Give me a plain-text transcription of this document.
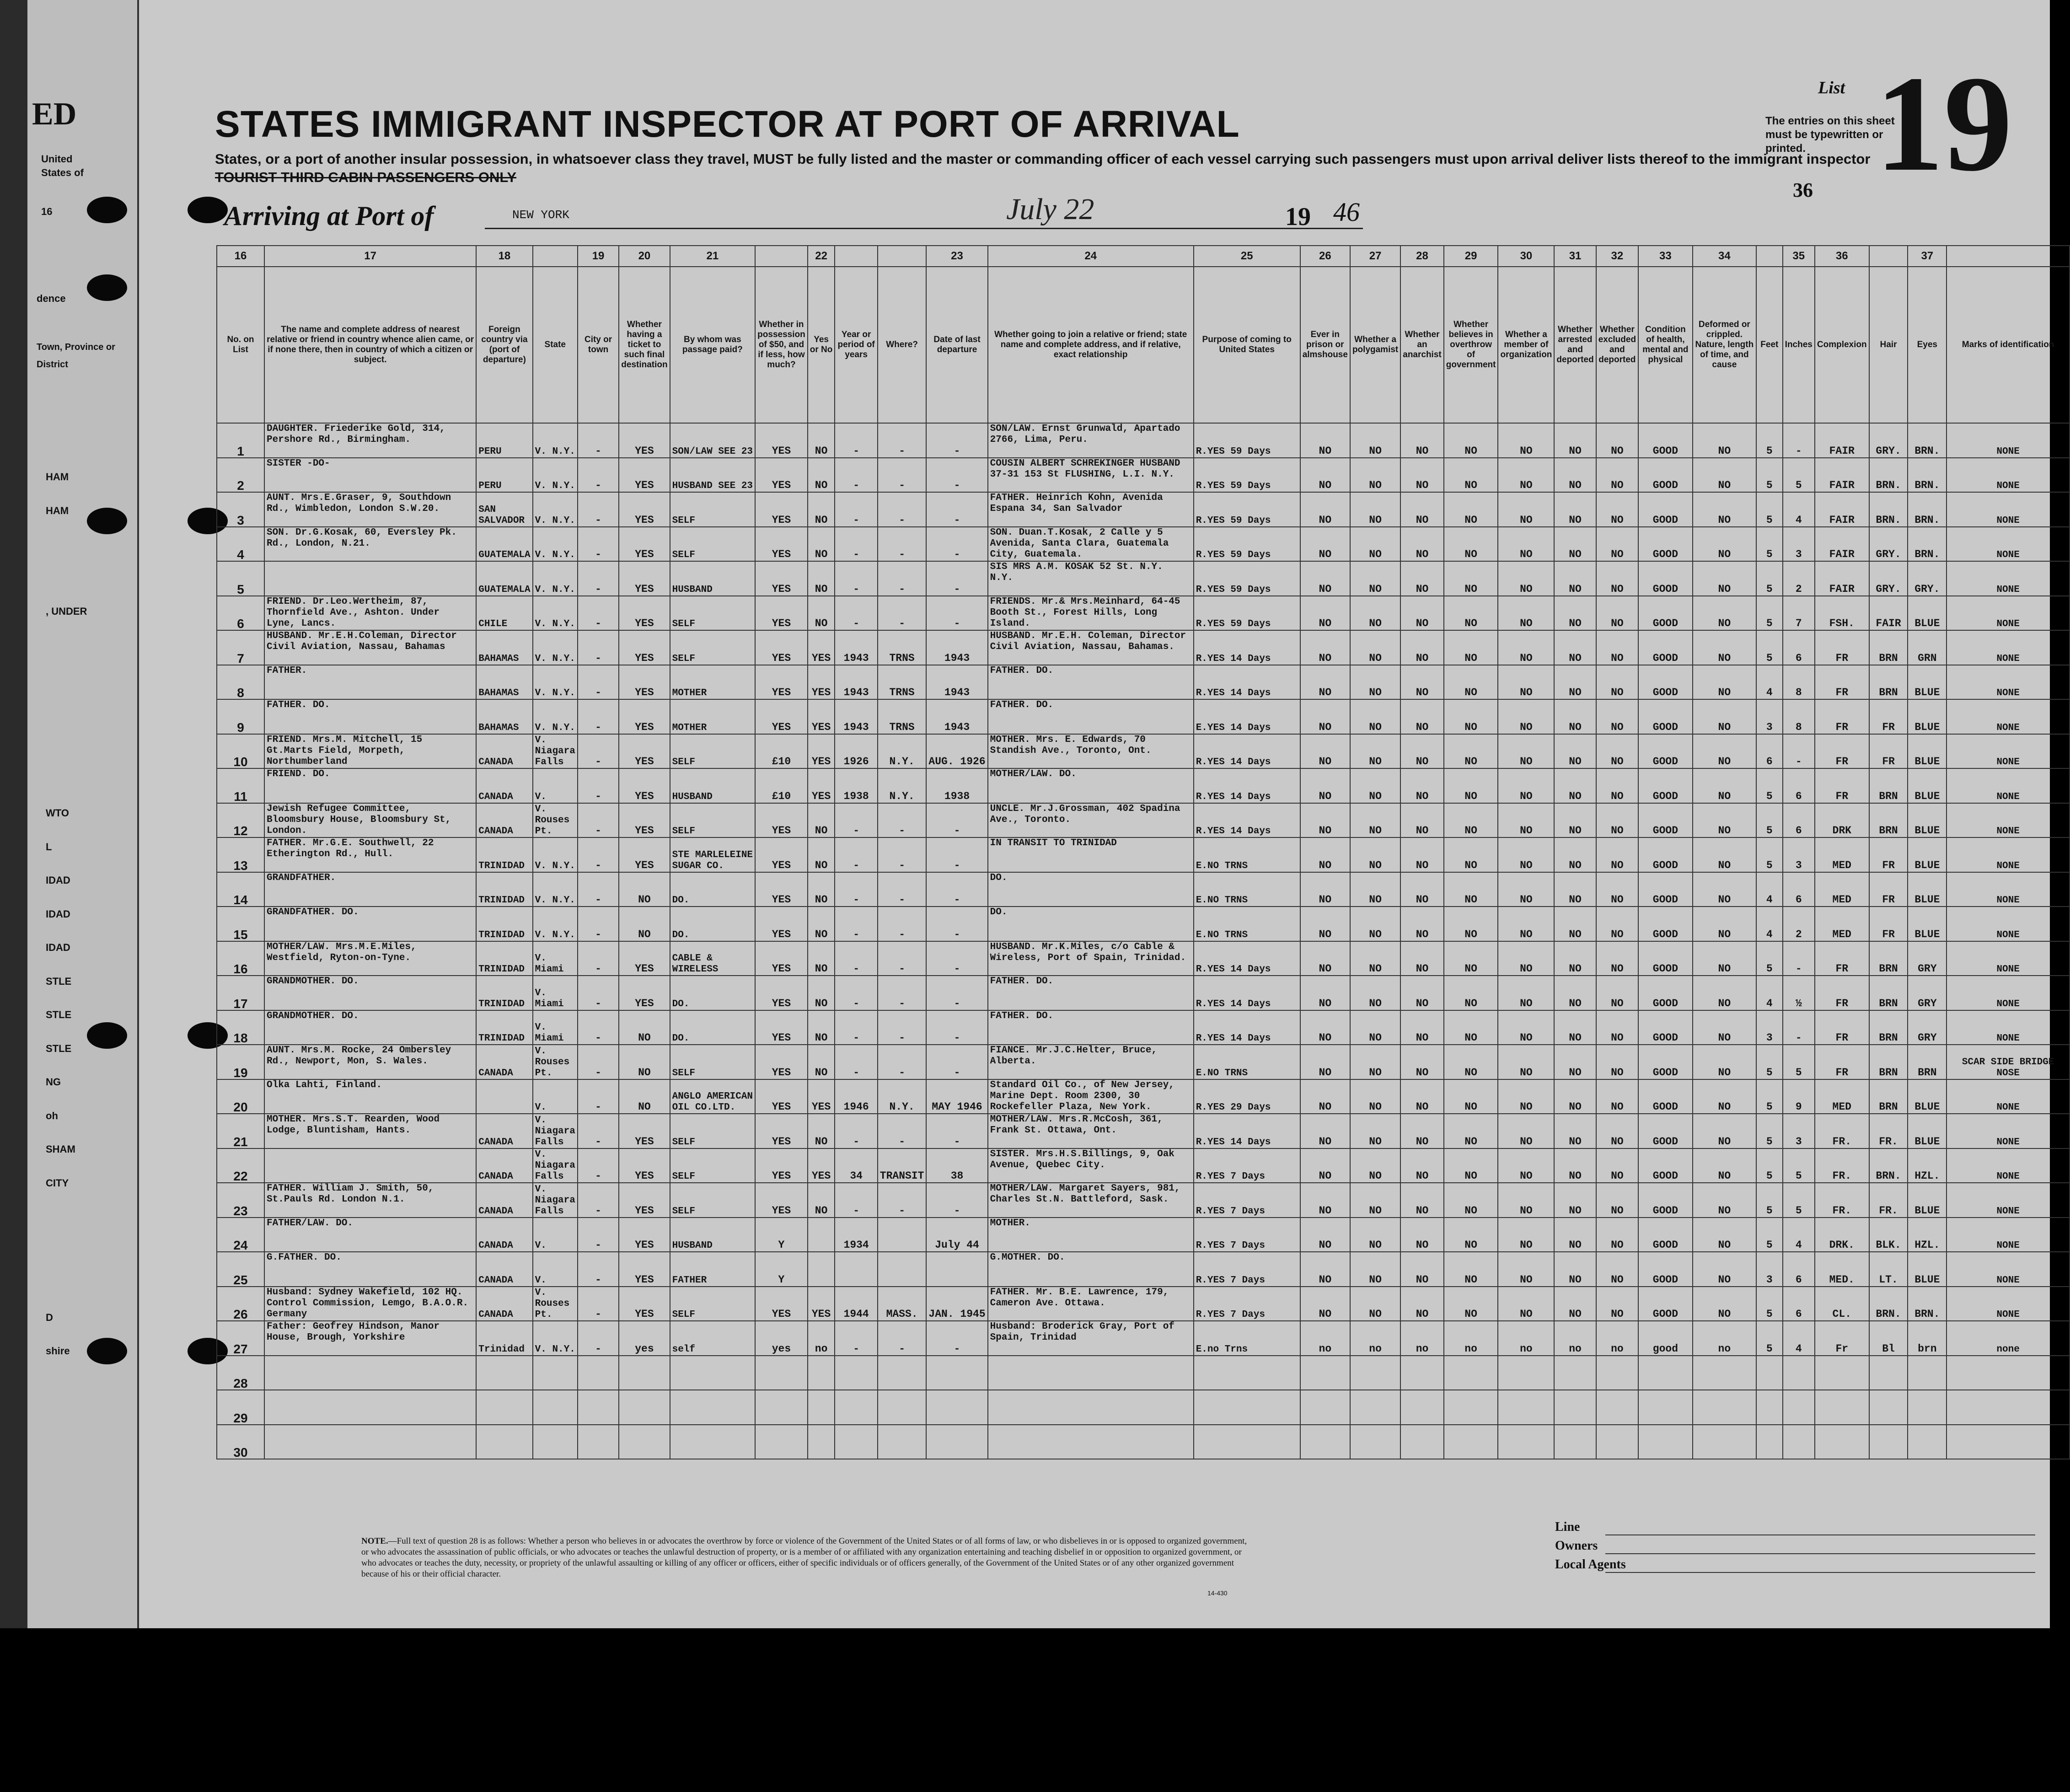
ED
United
States of
16
dence
Town, Province or District
HAM
HAM
, UNDER
WTO
L
IDAD
IDAD
IDAD
STLE
STLE
STLE
NG
oh
SHAM
CITY
D
shire
STATES IMMIGRANT INSPECTOR AT PORT OF ARRIVAL
States, or a port of another insular possession, in whatsoever class they travel, MUST be fully listed and the master or commanding officer of each vessel carrying such passengers must upon arrival deliver lists thereof to the immigrant inspector
TOURIST THIRD CABIN PASSENGERS ONLY
Arriving at Port of	NEW YORK	July 22	19 46
List 19
The entries on this sheet must be typewritten or printed.
36
16	17	18		19	20	21		22			23	24	25	26	27	28	29	30	31	32	33	34		35	36		37	
No. on List	The name and complete address of nearest relative or friend in country whence alien came, or if none there, then in country of which a citizen or subject.	Foreign country via (port of departure)	State	City or town	Whether having a ticket to such final destination	By whom was passage paid?	Whether in possession of $50, and if less, how much?	Yes or No	Year or period of years	Where?	Date of last departure	Whether going to join a relative or friend; state name and complete address, and if relative, exact relationship	Purpose of coming to United States	Ever in prison or almshouse	Whether a polygamist	Whether an anarchist	Whether believes in overthrow of government	Whether a member of organization	Whether arrested and deported	Whether excluded and deported	Condition of health, mental and physical	Deformed or crippled. Nature, length of time, and cause	Feet	Inches	Complexion	Hair	Eyes	Marks of identification
1	DAUGHTER. Friederike Gold, 314, Pershore Rd., Birmingham.	PERU	V. N.Y.	-	YES	SON/LAW SEE 23	YES	NO	-	-	-	SON/LAW. Ernst Grunwald, Apartado 2766, Lima, Peru.	R.YES 59 Days	NO	NO	NO	NO	NO	NO	NO	GOOD	NO	5	-	FAIR	GRY.	BRN.	NONE
2	SISTER -DO-	PERU	V. N.Y.	-	YES	HUSBAND SEE 23	YES	NO	-	-	-	COUSIN ALBERT SCHREKINGER HUSBAND 37-31 153 St FLUSHING, L.I. N.Y.	R.YES 59 Days	NO	NO	NO	NO	NO	NO	NO	GOOD	NO	5	5	FAIR	BRN.	BRN.	NONE
3	AUNT. Mrs.E.Graser, 9, Southdown Rd., Wimbledon, London S.W.20.	SAN SALVADOR	V. N.Y.	-	YES	SELF	YES	NO	-	-	-	FATHER. Heinrich Kohn, Avenida Espana 34, San Salvador	R.YES 59 Days	NO	NO	NO	NO	NO	NO	NO	GOOD	NO	5	4	FAIR	BRN.	BRN.	NONE
4	SON. Dr.G.Kosak, 60, Eversley Pk. Rd., London, N.21.	GUATEMALA	V. N.Y.	-	YES	SELF	YES	NO	-	-	-	SON. Duan.T.Kosak, 2 Calle y 5 Avenida, Santa Clara, Guatemala City, Guatemala.	R.YES 59 Days	NO	NO	NO	NO	NO	NO	NO	GOOD	NO	5	3	FAIR	GRY.	BRN.	NONE
5		GUATEMALA	V. N.Y.	-	YES	HUSBAND	YES	NO	-	-	-	SIS MRS A.M. KOSAK 52 St. N.Y. N.Y.	R.YES 59 Days	NO	NO	NO	NO	NO	NO	NO	GOOD	NO	5	2	FAIR	GRY.	GRY.	NONE
6	FRIEND. Dr.Leo.Wertheim, 87, Thornfield Ave., Ashton. Under Lyne, Lancs.	CHILE	V. N.Y.	-	YES	SELF	YES	NO	-	-	-	FRIENDS. Mr.& Mrs.Meinhard, 64-45 Booth St., Forest Hills, Long Island.	R.YES 59 Days	NO	NO	NO	NO	NO	NO	NO	GOOD	NO	5	7	FSH.	FAIR	BLUE	NONE
7	HUSBAND. Mr.E.H.Coleman, Director Civil Aviation, Nassau, Bahamas	BAHAMAS	V. N.Y.	-	YES	SELF	YES	YES	1943	TRNS	1943	HUSBAND. Mr.E.H. Coleman, Director Civil Aviation, Nassau, Bahamas.	R.YES 14 Days	NO	NO	NO	NO	NO	NO	NO	GOOD	NO	5	6	FR	BRN	GRN	NONE
8	FATHER.	BAHAMAS	V. N.Y.	-	YES	MOTHER	YES	YES	1943	TRNS	1943	FATHER. DO.	R.YES 14 Days	NO	NO	NO	NO	NO	NO	NO	GOOD	NO	4	8	FR	BRN	BLUE	NONE
9	FATHER. DO.	BAHAMAS	V. N.Y.	-	YES	MOTHER	YES	YES	1943	TRNS	1943	FATHER. DO.	E.YES 14 Days	NO	NO	NO	NO	NO	NO	NO	GOOD	NO	3	8	FR	FR	BLUE	NONE
10	FRIEND. Mrs.M. Mitchell, 15 Gt.Marts Field, Morpeth, Northumberland	CANADA	V. Niagara Falls	-	YES	SELF	£10	YES	1926	N.Y.	AUG. 1926	MOTHER. Mrs. E. Edwards, 70 Standish Ave., Toronto, Ont.	R.YES 14 Days	NO	NO	NO	NO	NO	NO	NO	GOOD	NO	6	-	FR	FR	BLUE	NONE
11	FRIEND. DO.	CANADA	V.	-	YES	HUSBAND	£10	YES	1938	N.Y.	1938	MOTHER/LAW. DO.	R.YES 14 Days	NO	NO	NO	NO	NO	NO	NO	GOOD	NO	5	6	FR	BRN	BLUE	NONE
12	Jewish Refugee Committee, Bloomsbury House, Bloomsbury St, London.	CANADA	V. Rouses Pt.	-	YES	SELF	YES	NO	-	-	-	UNCLE. Mr.J.Grossman, 402 Spadina Ave., Toronto.	R.YES 14 Days	NO	NO	NO	NO	NO	NO	NO	GOOD	NO	5	6	DRK	BRN	BLUE	NONE
13	FATHER. Mr.G.E. Southwell, 22 Etherington Rd., Hull.	TRINIDAD	V. N.Y.	-	YES	STE MARLELEINE SUGAR CO.	YES	NO	-	-	-	IN TRANSIT TO TRINIDAD	E.NO TRNS	NO	NO	NO	NO	NO	NO	NO	GOOD	NO	5	3	MED	FR	BLUE	NONE
14	GRANDFATHER.	TRINIDAD	V. N.Y.	-	NO	DO.	YES	NO	-	-	-	DO.	E.NO TRNS	NO	NO	NO	NO	NO	NO	NO	GOOD	NO	4	6	MED	FR	BLUE	NONE
15	GRANDFATHER. DO.	TRINIDAD	V. N.Y.	-	NO	DO.	YES	NO	-	-	-	DO.	E.NO TRNS	NO	NO	NO	NO	NO	NO	NO	GOOD	NO	4	2	MED	FR	BLUE	NONE
16	MOTHER/LAW. Mrs.M.E.Miles, Westfield, Ryton-on-Tyne.	TRINIDAD	V. Miami	-	YES	CABLE & WIRELESS	YES	NO	-	-	-	HUSBAND. Mr.K.Miles, c/o Cable & Wireless, Port of Spain, Trinidad.	R.YES 14 Days	NO	NO	NO	NO	NO	NO	NO	GOOD	NO	5	-	FR	BRN	GRY	NONE
17	GRANDMOTHER. DO.	TRINIDAD	V. Miami	-	YES	DO.	YES	NO	-	-	-	FATHER. DO.	R.YES 14 Days	NO	NO	NO	NO	NO	NO	NO	GOOD	NO	4	½	FR	BRN	GRY	NONE
18	GRANDMOTHER. DO.	TRINIDAD	V. Miami	-	NO	DO.	YES	NO	-	-	-	FATHER. DO.	R.YES 14 Days	NO	NO	NO	NO	NO	NO	NO	GOOD	NO	3	-	FR	BRN	GRY	NONE
19	AUNT. Mrs.M. Rocke, 24 Ombersley Rd., Newport, Mon, S. Wales.	CANADA	V. Rouses Pt.	-	NO	SELF	YES	NO	-	-	-	FIANCE. Mr.J.C.Helter, Bruce, Alberta.	E.NO TRNS	NO	NO	NO	NO	NO	NO	NO	GOOD	NO	5	5	FR	BRN	BRN	SCAR SIDE BRIDGE NOSE
20	Olka Lahti, Finland.		V.	-	NO	ANGLO AMERICAN OIL CO.LTD.	YES	YES	1946	N.Y.	MAY 1946	Standard Oil Co., of New Jersey, Marine Dept. Room 2300, 30 Rockefeller Plaza, New York.	R.YES 29 Days	NO	NO	NO	NO	NO	NO	NO	GOOD	NO	5	9	MED	BRN	BLUE	NONE
21	MOTHER. Mrs.S.T. Rearden, Wood Lodge, Bluntisham, Hants.	CANADA	V. Niagara Falls	-	YES	SELF	YES	NO	-	-	-	MOTHER/LAW. Mrs.R.McCosh, 361, Frank St. Ottawa, Ont.	R.YES 14 Days	NO	NO	NO	NO	NO	NO	NO	GOOD	NO	5	3	FR.	FR.	BLUE	NONE
22		CANADA	V. Niagara Falls	-	YES	SELF	YES	YES	34	TRANSIT	38	SISTER. Mrs.H.S.Billings, 9, Oak Avenue, Quebec City.	R.YES 7 Days	NO	NO	NO	NO	NO	NO	NO	GOOD	NO	5	5	FR.	BRN.	HZL.	NONE
23	FATHER. William J. Smith, 50, St.Pauls Rd. London N.1.	CANADA	V. Niagara Falls	-	YES	SELF	YES	NO	-	-	-	MOTHER/LAW. Margaret Sayers, 981, Charles St.N. Battleford, Sask.	R.YES 7 Days	NO	NO	NO	NO	NO	NO	NO	GOOD	NO	5	5	FR.	FR.	BLUE	NONE
24	FATHER/LAW. DO.	CANADA	V.	-	YES	HUSBAND	Y		1934		July 44	MOTHER.	R.YES 7 Days	NO	NO	NO	NO	NO	NO	NO	GOOD	NO	5	4	DRK.	BLK.	HZL.	NONE
25	G.FATHER. DO.	CANADA	V.	-	YES	FATHER	Y					G.MOTHER. DO.	R.YES 7 Days	NO	NO	NO	NO	NO	NO	NO	GOOD	NO	3	6	MED.	LT.	BLUE	NONE
26	Husband: Sydney Wakefield, 102 HQ. Control Commission, Lemgo, B.A.O.R. Germany	CANADA	V. Rouses Pt.	-	YES	SELF	YES	YES	1944	MASS.	JAN. 1945	FATHER. Mr. B.E. Lawrence, 179, Cameron Ave. Ottawa.	R.YES 7 Days	NO	NO	NO	NO	NO	NO	NO	GOOD	NO	5	6	CL.	BRN.	BRN.	NONE
27	Father: Geofrey Hindson, Manor House, Brough, Yorkshire	Trinidad	V. N.Y.	-	yes	self	yes	no	-	-	-	Husband: Broderick Gray, Port of Spain, Trinidad	E.no Trns	no	no	no	no	no	no	no	good	no	5	4	Fr	Bl	brn	none
28																												
29																												
30																												
NOTE.—Full text of question 28 is as follows: Whether a person who believes in or advocates the overthrow by force or violence of the Government of the United States or of all forms of law, or who disbelieves in or is opposed to organized government, or who advocates the assassination of public officials, or who advocates or teaches the unlawful destruction of property, or is a member of or affiliated with any organization entertaining and teaching disbelief in or opposition to organized government, or who advocates or teaches the duty, necessity, or propriety of the unlawful assaulting or killing of any officer or officers, either of specific individuals or of officers generally, of the Government of the United States or of any other organized government because of his or their official character.
14-430
Line
Owners
Local Agents
